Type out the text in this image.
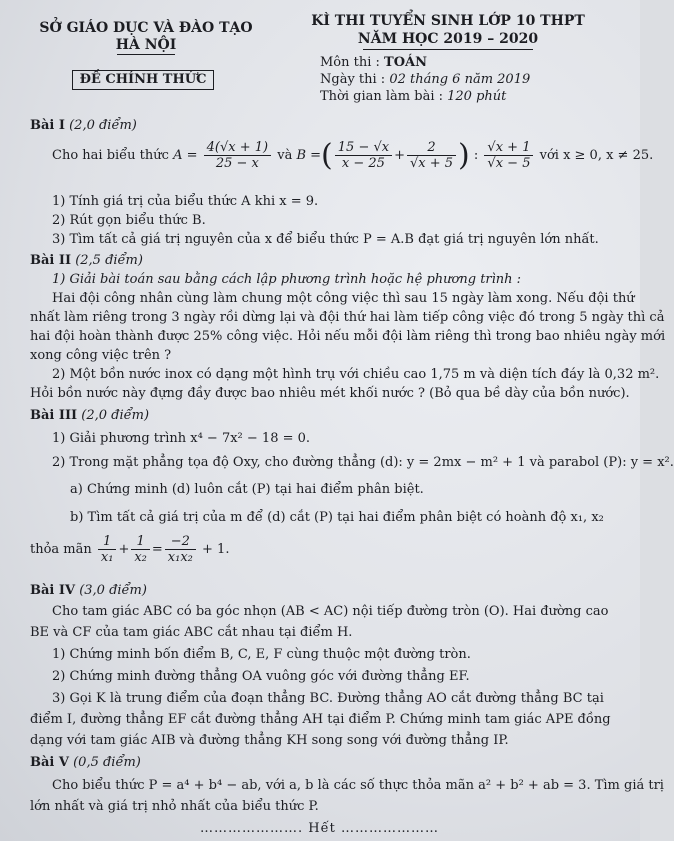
SỞ GIÁO DỤC VÀ ĐÀO TẠO
HÀ NỘI
ĐỀ CHÍNH THỨC
KÌ THI TUYỂN SINH LỚP 10 THPT
NĂM HỌC 2019 – 2020
Môn thi : TOÁN
Ngày thi : 02 tháng 6 năm 2019
Thời gian làm bài : 120 phút
Bài I (2,0 điểm)
Cho hai biểu thức $A = \frac{4(√x + 1)}{25 - x}$ và B =( $\frac{15 - √x}{x - 25} + \frac{2}{√x + 5}$ ) : $\frac{√x + 1}{√x - 5}$ với x ≥ 0, x ≠ 25.
1) Tính giá trị của biểu thức A khi x = 9.
2) Rút gọn biểu thức B.
3) Tìm tất cả giá trị nguyên của x để biểu thức P = A.B đạt giá trị nguyên lớn nhất.
Bài II (2,5 điểm)
1) Giải bài toán sau bằng cách lập phương trình hoặc hệ phương trình :
Hai đội công nhân cùng làm chung một công việc thì sau 15 ngày làm xong. Nếu đội thứ
nhất làm riêng trong 3 ngày rồi dừng lại và đội thứ hai làm tiếp công việc đó trong 5 ngày thì cả
hai đội hoàn thành được 25% công việc. Hỏi nếu mỗi đội làm riêng thì trong bao nhiêu ngày mới
xong công việc trên ?
2) Một bồn nước inox có dạng một hình trụ với chiều cao 1,75 m và diện tích đáy là 0,32 m².
Hỏi bồn nước này đựng đầy được bao nhiêu mét khối nước ? (Bỏ qua bề dày của bồn nước).
Bài III (2,0 điểm)
1) Giải phương trình x⁴ − 7x² − 18 = 0.
2) Trong mặt phẳng tọa độ Oxy, cho đường thẳng (d): y = 2mx − m² + 1 và parabol (P): y = x².
a) Chứng minh (d) luôn cắt (P) tại hai điểm phân biệt.
b) Tìm tất cả giá trị của m để (d) cắt (P) tại hai điểm phân biệt có hoành độ x₁, x₂
thỏa mãn $\frac{1}{\text{x₁}} + \frac{1}{\text{x₂}} = \frac{-2}{\text{x₁x₂}} + 1$.
Bài IV (3,0 điểm)
Cho tam giác ABC có ba góc nhọn (AB < AC) nội tiếp đường tròn (O). Hai đường cao
BE và CF của tam giác ABC cắt nhau tại điểm H.
1) Chứng minh bốn điểm B, C, E, F cùng thuộc một đường tròn.
2) Chứng minh đường thẳng OA vuông góc với đường thẳng EF.
3) Gọi K là trung điểm của đoạn thẳng BC. Đường thẳng AO cắt đường thẳng BC tại
điểm I, đường thẳng EF cắt đường thẳng AH tại điểm P. Chứng minh tam giác APE đồng
dạng với tam giác AIB và đường thẳng KH song song với đường thẳng IP.
Bài V (0,5 điểm)
Cho biểu thức P = a⁴ + b⁴ − ab, với a, b là các số thực thỏa mãn a² + b² + ab = 3. Tìm giá trị
lớn nhất và giá trị nhỏ nhất của biểu thức P.
…………………. Hết …………………
